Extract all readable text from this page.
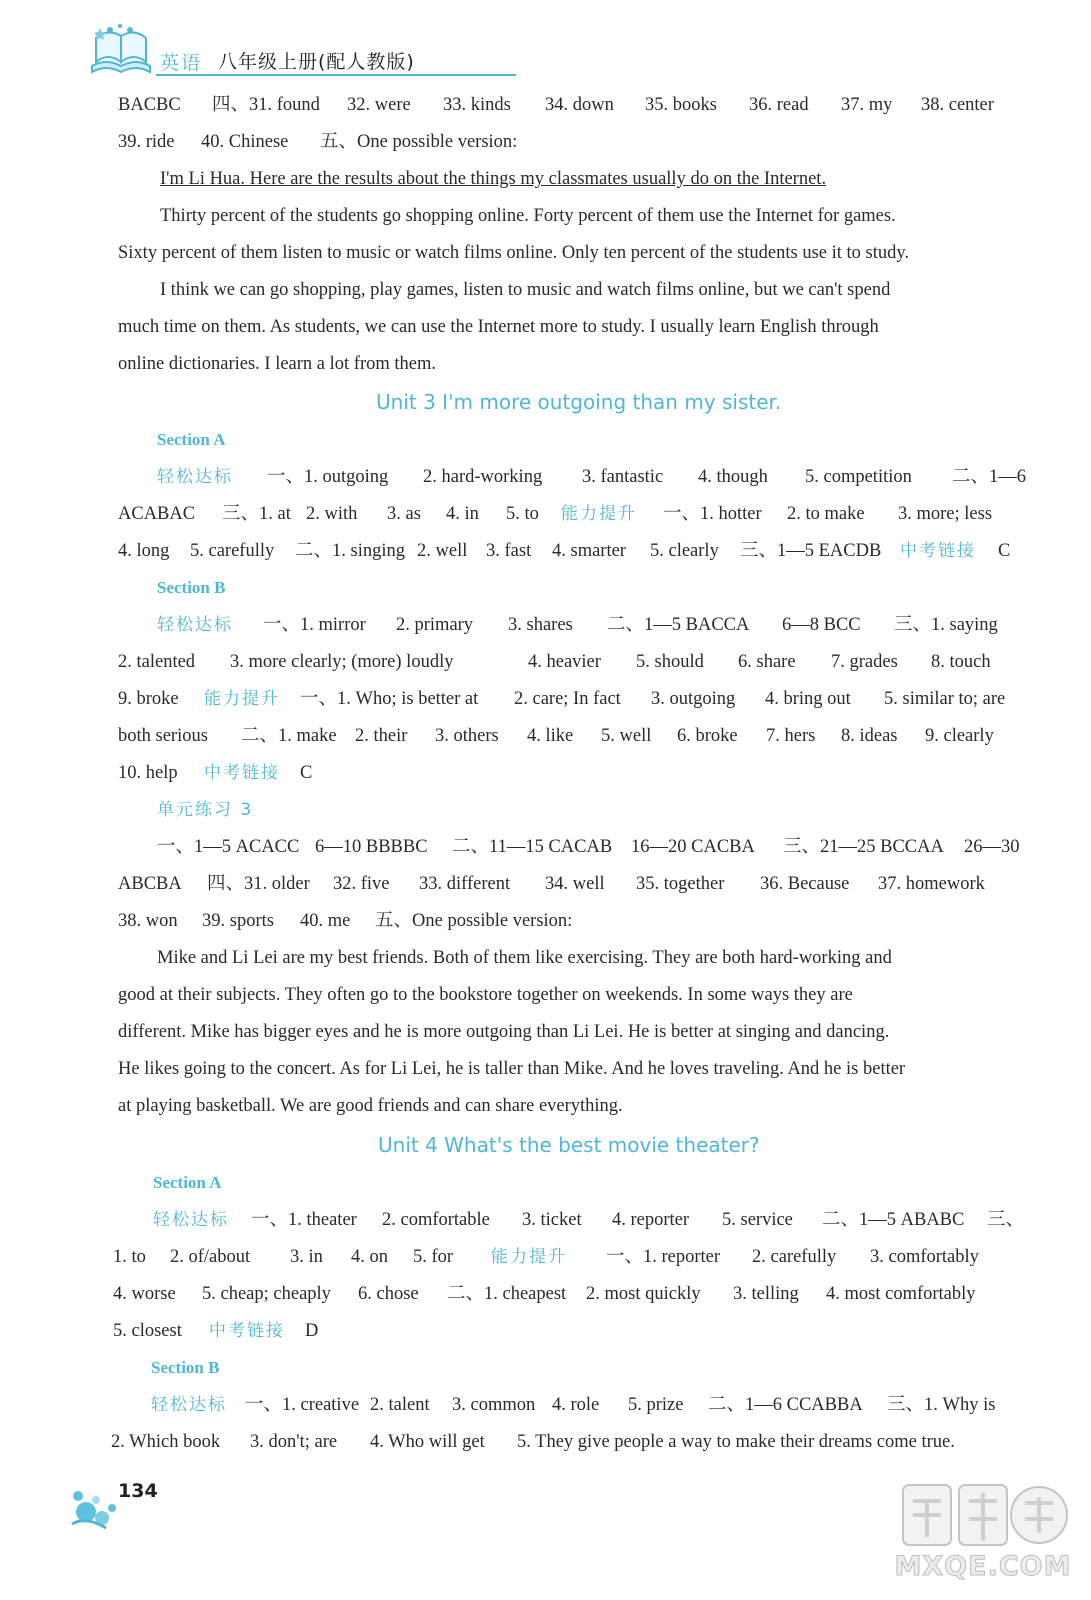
英语 八年级上册(配人教版)
BACBC 四、31. found 32. were 33. kinds 34. down 35. books 36. read 37. my 38. center
39. ride 40. Chinese 五、One possible version:
I'm Li Hua. Here are the results about the things my classmates usually do on the Internet.
Thirty percent of the students go shopping online. Forty percent of them use the Internet for games.
Sixty percent of them listen to music or watch films online. Only ten percent of the students use it to study.
I think we can go shopping, play games, listen to music and watch films online, but we can't spend
much time on them. As students, we can use the Internet more to study. I usually learn English through
online dictionaries. I learn a lot from them.
Unit 3 I'm more outgoing than my sister.
Section A
轻松达标 一、1. outgoing 2. hard-working 3. fantastic 4. though 5. competition 二、1—6
ACABAC 三、1. at 2. with 3. as 4. in 5. to 能力提升 一、1. hotter 2. to make 3. more; less
4. long 5. carefully 二、1. singing 2. well 3. fast 4. smarter 5. clearly 三、1—5 EACDB 中考链接 C
Section B
轻松达标 一、1. mirror 2. primary 3. shares 二、1—5 BACCA 6—8 BCC 三、1. saying
2. talented 3. more clearly; (more) loudly	4. heavier 5. should 6. share 7. grades 8. touch
9. broke 能力提升 一、1. Who; is better at 2. care; In fact 3. outgoing 4. bring out 5. similar to; are
both serious 二、1. make 2. their 3. others 4. like 5. well 6. broke 7. hers 8. ideas 9. clearly
10. help 中考链接 C
单元练习 3
一、1—5 ACACC 6—10 BBBBC 二、11—15 CACAB 16—20 CACBA 三、21—25 BCCAA 26—30
ABCBA 四、31. older 32. five 33. different 34. well 35. together 36. Because 37. homework
38. won 39. sports 40. me 五、One possible version:
Mike and Li Lei are my best friends. Both of them like exercising. They are both hard-working and
good at their subjects. They often go to the bookstore together on weekends. In some ways they are
different. Mike has bigger eyes and he is more outgoing than Li Lei. He is better at singing and dancing.
He likes going to the concert. As for Li Lei, he is taller than Mike. And he loves traveling. And he is better
at playing basketball. We are good friends and can share everything.
Unit 4 What's the best movie theater?
Section A
轻松达标 一、1. theater 2. comfortable 3. ticket 4. reporter 5. service 二、1—5 ABABC 三、
1. to 2. of/about 3. in 4. on 5. for 能力提升 一、1. reporter 2. carefully 3. comfortably
4. worse 5. cheap; cheaply 6. chose 二、1. cheapest 2. most quickly 3. telling 4. most comfortably
5. closest 中考链接 D
Section B
轻松达标 一、1. creative 2. talent 3. common 4. role 5. prize 二、1—6 CCABBA 三、1. Why is
2. Which book 3. don't; are 4. Who will get 5. They give people a way to make their dreams come true.
134
MXQE.COM
